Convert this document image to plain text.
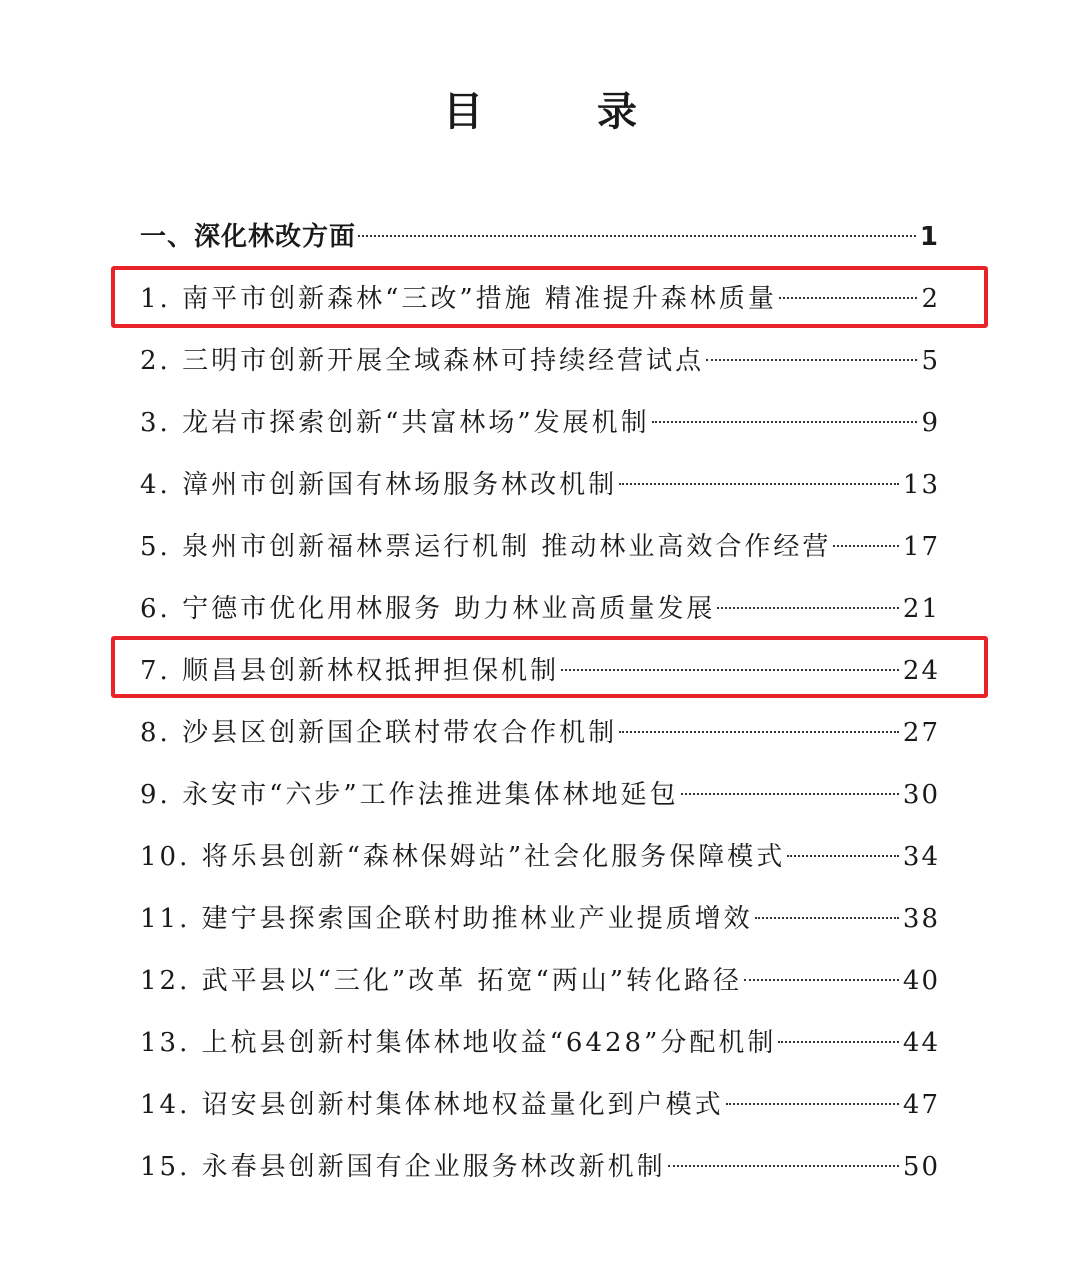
目 录
一、深化林改方面	1
1. 南平市创新森林“三改”措施 精准提升森林质量	2
2. 三明市创新开展全域森林可持续经营试点	5
3. 龙岩市探索创新“共富林场”发展机制	9
4. 漳州市创新国有林场服务林改机制	13
5. 泉州市创新福林票运行机制 推动林业高效合作经营	17
6. 宁德市优化用林服务 助力林业高质量发展	21
7. 顺昌县创新林权抵押担保机制	24
8. 沙县区创新国企联村带农合作机制	27
9. 永安市“六步”工作法推进集体林地延包	30
10. 将乐县创新“森林保姆站”社会化服务保障模式	34
11. 建宁县探索国企联村助推林业产业提质增效	38
12. 武平县以“三化”改革 拓宽“两山”转化路径	40
13. 上杭县创新村集体林地收益“6428”分配机制	44
14. 诏安县创新村集体林地权益量化到户模式	47
15. 永春县创新国有企业服务林改新机制	50
